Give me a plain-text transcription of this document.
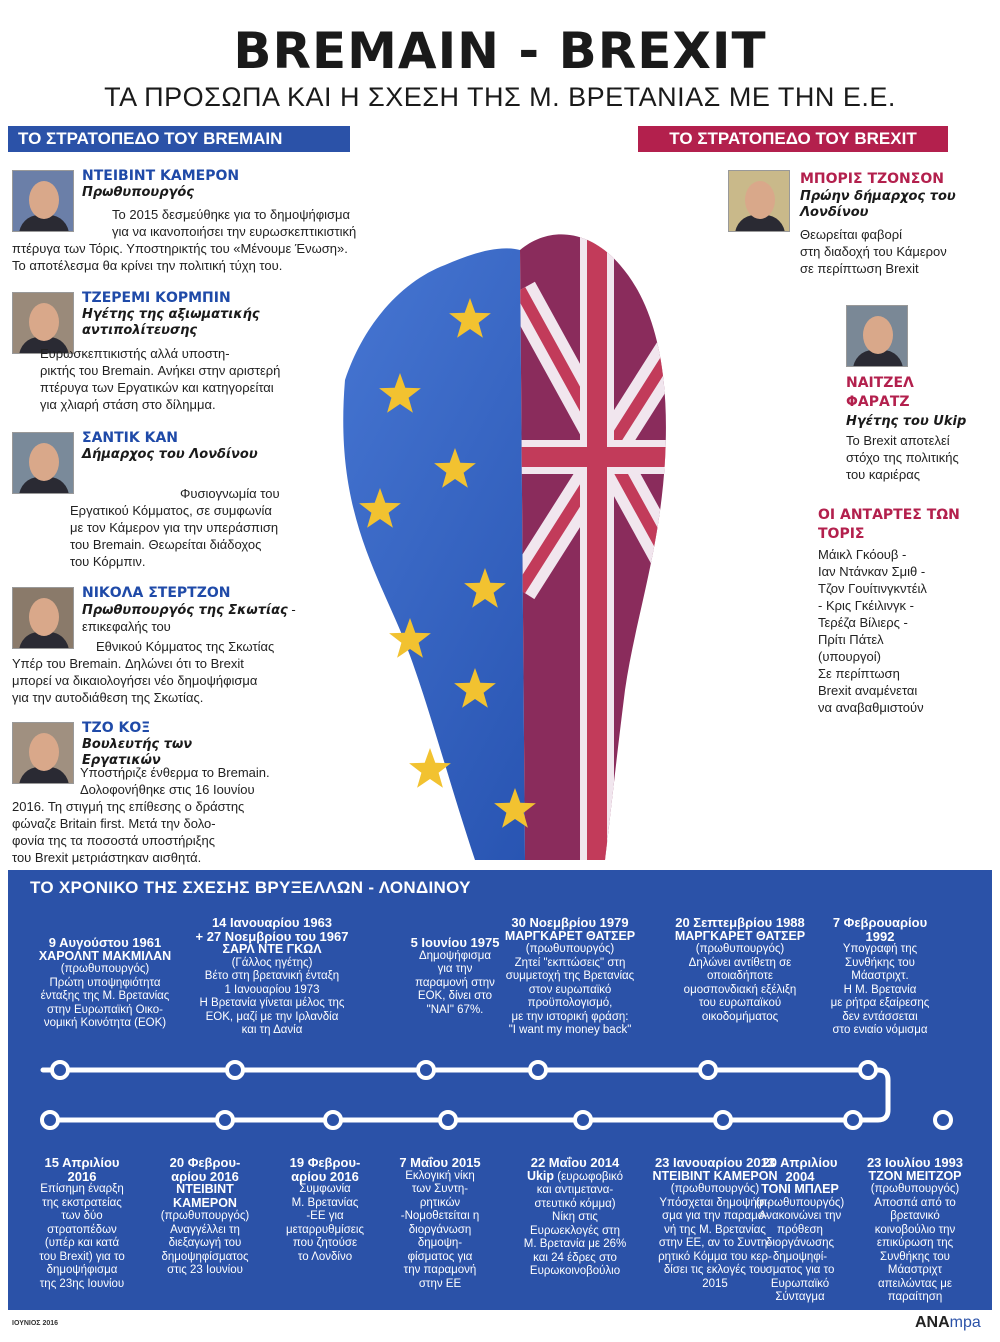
BREMAIN - BREXIT
ΤΑ ΠΡΟΣΩΠΑ ΚΑΙ Η ΣΧΕΣΗ ΤΗΣ Μ. ΒΡΕΤΑΝΙΑΣ ΜΕ ΤΗΝ Ε.Ε.
ΤΟ ΣΤΡΑΤΟΠΕΔΟ ΤΟΥ BREMAIN	ΤΟ ΣΤΡΑΤΟΠΕΔΟ ΤΟΥ BREXIT
ΝΤΕΙΒΙΝΤ ΚΑΜΕΡΟΝ
Πρωθυπουργός
Το 2015 δεσμεύθηκε για το δημοψήφισμα
για να ικανοποιήσει την ευρωσκεπτικιστική
πτέρυγα των Τόρις. Υποστηρικτής του «Μένουμε Ένωση».
Το αποτέλεσμα θα κρίνει την πολιτική τύχη του.
ΤΖΕΡΕΜΙ ΚΟΡΜΠΙΝ
Ηγέτης της αξιωματικής αντιπολίτευσης
Ευρωσκεπτικιστής αλλά υποστη-
ρικτής του Bremain. Ανήκει στην αριστερή
πτέρυγα των Εργατικών και κατηγορείται
για χλιαρή στάση στο δίλημμα.
ΣΑΝΤΙΚ ΚΑΝ
Δήμαρχος του Λονδίνου
Φυσιογνωμία του
Εργατικού Κόμματος, σε συμφωνία
με τον Κάμερον για την υπεράσπιση
του Bremain. Θεωρείται διάδοχος
του Κόρμπιν.
ΝΙΚΟΛΑ ΣΤΕΡΤΖΟΝ
Πρωθυπουργός της Σκωτίας - επικεφαλής του
Εθνικού Κόμματος της Σκωτίας
Υπέρ του Bremain. Δηλώνει ότι το Brexit
μπορεί να δικαιολογήσει νέο δημοψήφισμα
για την αυτοδιάθεση της Σκωτίας.
ΤΖΟ ΚΟΞ
Βουλευτής των Εργατικών
Υποστήριζε ένθερμα το Bremain.
Δολοφονήθηκε στις 16 Ιουνίου
2016. Τη στιγμή της επίθεσης ο δράστης
φώναζε Britain first. Μετά την δολο-
φονία της τα ποσοστά υποστήριξης
του Brexit μετριάστηκαν αισθητά.
ΜΠΟΡΙΣ ΤΖΟΝΣΟΝ
Πρώην δήμαρχος του Λονδίνου
Θεωρείται φαβορί
στη διαδοχή του Κάμερον
σε περίπτωση Brexit
ΝΑΙΤΖΕΛ ΦΑΡΑΤΖ
Ηγέτης του Ukip
Το Brexit αποτελεί
στόχο της πολιτικής
του καριέρας
ΟΙ ΑΝΤΑΡΤΕΣ ΤΩΝ ΤΟΡΙΣ
Μάικλ Γκόουβ -
Ιαν Ντάνκαν Σμιθ -
Τζον Γουίτινγκντέιλ
- Κρις Γκέιλινγκ -
Τερέζα Βίλιερς -
Πρίτι Πάτελ
(υπουργοί)
Σε περίπτωση
Brexit αναμένεται
να αναβαθμιστούν
ΤΟ ΧΡΟΝΙΚΟ ΤΗΣ ΣΧΕΣΗΣ ΒΡΥΞΕΛΛΩΝ - ΛΟΝΔΙΝΟΥ
9 Αυγούστου 1961
ΧΑΡΟΛΝΤ ΜΑΚΜΙΛΑΝ
(πρωθυπουργός)
Πρώτη υποψηφιότητα
ένταξης της Μ. Βρετανίας
στην Ευρωπαϊκή Οικο-
νομική Κοινότητα (ΕΟΚ)
14 Ιανουαρίου 1963
+ 27 Νοεμβρίου του 1967
ΣΑΡΛ ΝΤΕ ΓΚΩΛ
(Γάλλος ηγέτης)
Βέτο στη βρετανική ένταξη
1 Ιανουαρίου 1973
Η Βρετανία γίνεται μέλος της
ΕΟΚ, μαζί με την Ιρλανδία
και τη Δανία
5 Ιουνίου 1975
Δημοψήφισμα
για την
παραμονή στην
ΕΟΚ, δίνει στο
"ΝΑΙ" 67%.
30 Νοεμβρίου 1979
ΜΑΡΓΚΑΡΕΤ ΘΑΤΣΕΡ
(πρωθυπουργός)
Ζητεί "εκπτώσεις" στη
συμμετοχή της Βρετανίας
στον ευρωπαϊκό
προϋπολογισμό,
με την ιστορική φράση:
"I want my money back"
20 Σεπτεμβρίου 1988
ΜΑΡΓΚΑΡΕΤ ΘΑΤΣΕΡ
(πρωθυπουργός)
Δηλώνει αντίθετη σε
οποιαδήποτε
ομοσπονδιακή εξέλιξη
του ευρωπαϊκού
οικοδομήματος
7 Φεβρουαρίου
1992
Υπογραφή της
Συνθήκης του
Μάαστριχτ.
Η Μ. Βρετανία
με ρήτρα εξαίρεσης
δεν εντάσσεται
στο ενιαίο νόμισμα
15 Απριλίου
2016
Επίσημη έναρξη
της εκστρατείας
των δύο
στρατοπέδων
(υπέρ και κατά
του Brexit) για το
δημοψήφισμα
της 23ης Ιουνίου
20 Φεβρου-
αρίου 2016
ΝΤΕΙΒΙΝΤ
ΚΑΜΕΡΟΝ
(πρωθυπουργός)
Αναγγέλλει τη
διεξαγωγή του
δημοψηφίσματος
στις 23 Ιουνίου
19 Φεβρου-
αρίου 2016
Συμφωνία
Μ. Βρετανίας
-ΕΕ για
μεταρρυθμίσεις
που ζητούσε
το Λονδίνο
7 Μαΐου 2015
Εκλογική νίκη
των Συντη-
ρητικών
-Νομοθετείται η
διοργάνωση
δημοψη-
φίσματος για
την παραμονή
στην ΕΕ
22 Μαΐου 2014
Ukip (ευρωφοβικό
και αντιμετανα-
στευτικό κόμμα)
Νίκη στις
Ευρωεκλογές στη
Μ. Βρετανία με 26%
και 24 έδρες στο
Ευρωκοινοβούλιο
23 Ιανουαρίου 2013
ΝΤΕΙΒΙΝΤ ΚΑΜΕΡΟΝ
(πρωθυπουργός)
Υπόσχεται δημοψήφι-
σμα για την παραμο-
νή της Μ. Βρετανίας
στην ΕΕ, αν το Συντη-
ρητικό Κόμμα του κερ-
δίσει τις εκλογές του
2015
20 Απριλίου
2004
ΤΟΝΙ ΜΠΛΕΡ
(πρωθυπουργός)
Ανακοινώνει την
πρόθεση
διοργάνωσης
δημοψηφί-
σματος για το
Ευρωπαϊκό
Σύνταγμα
23 Ιουλίου 1993
ΤΖΟΝ ΜΕΙΤΖΟΡ
(πρωθυπουργός)
Αποσπά από το
βρετανικό
κοινοβούλιο την
επικύρωση της
Συνθήκης του
Μάαστριχτ
απειλώντας με
παραίτηση
ΙΟΥΝΙΟΣ 2016	ANAmpa
